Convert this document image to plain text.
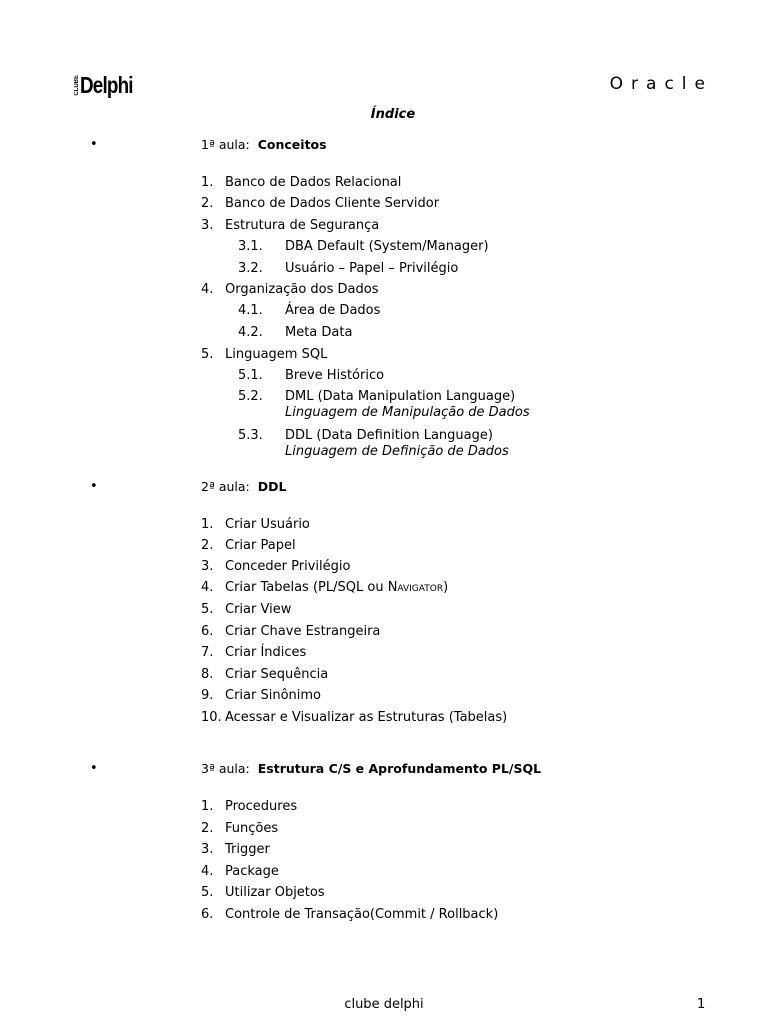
CLUBE Delphi	Oracle
Índice
•	1ª aula: Conceitos
1. Banco de Dados Relacional
2. Banco de Dados Cliente Servidor
3. Estrutura de Segurança
3.1. DBA Default (System/Manager)
3.2. Usuário – Papel – Privilégio
4. Organização dos Dados
4.1. Área de Dados
4.2. Meta Data
5. Linguagem SQL
5.1. Breve Histórico
5.2. DML (Data Manipulation Language)
Linguagem de Manipulação de Dados
5.3. DDL (Data Definition Language)
Linguagem de Definição de Dados
•	2ª aula: DDL
1. Criar Usuário
2. Criar Papel
3. Conceder Privilégio
4. Criar Tabelas (PL/SQL ou Navigator)
5. Criar View
6. Criar Chave Estrangeira
7. Criar Índices
8. Criar Sequência
9. Criar Sinônimo
10. Acessar e Visualizar as Estruturas (Tabelas)
•	3ª aula: Estrutura C/S e Aprofundamento PL/SQL
1. Procedures
2. Funções
3. Trigger
4. Package
5. Utilizar Objetos
6. Controle de Transação(Commit / Rollback)
clube delphi	1
